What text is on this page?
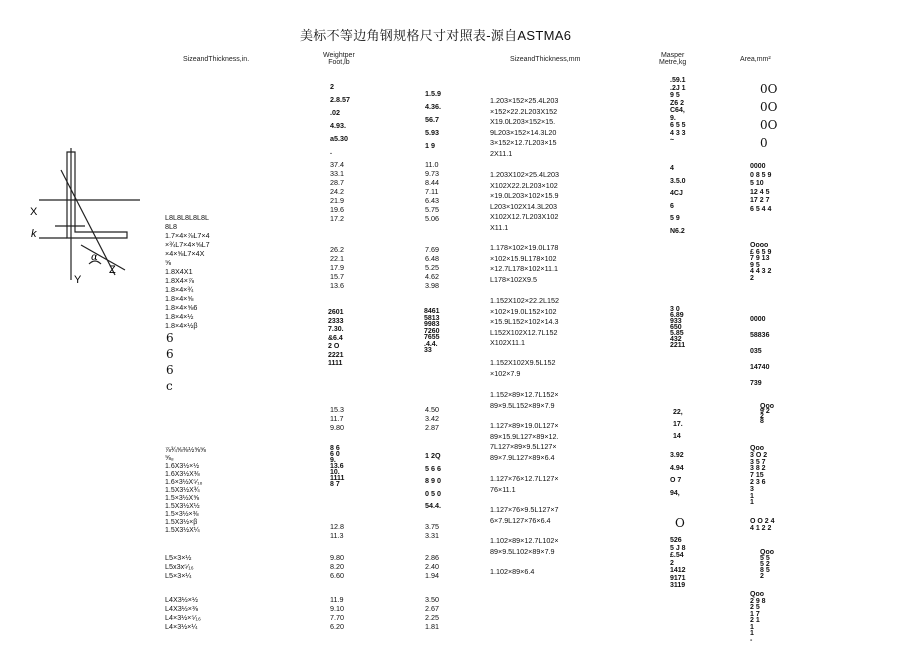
美标不等边角钢规格尺寸对照表-源自ASTMA6
SizeandThickness,in.
Weightper
Foot,lb	SizeandThickness,mm
Masper
Metre,kg	Area,mm²
X
k
α
Y
Z
L8L8L8L8L8L
8L8
1.7×4×⅞L7×4
×¾L7×4×⅝L7
×4×⅝L7×4X
⅝
1.8X4X1
1.8X4×⅞
1.8×4×¾
1.8×4×⅝
1.8×4×⅝6
1.8×4×½
1.8×4×½β
6
6
6
c
⅞¾⅝⅜½⅝⅝
⅝₈
1.6X3½×½
1.6X3½X⅜
1.6×3½X⁵⁄₁₆
1.5X3½X¾
1.5×3½X⅝
1.5X3½X½
1.5×3½×⅜
1.5X3½×β
1.5X3½X¼
L5×3×½
L5x3x⁵⁄₁₆
L5×3×¼
L4X3½×½
L4X3½×⅜
L4×3½×⁵⁄₁₆
L4×3½×¼
2
2.8.57
.02
4.93.
a5.30
.
37.4
33.1
28.7
24.2
21.9
19.6
17.2
26.2
22.1
17.9
15.7
13.6
2601
2333
7.30.
&6.4
2 O
2221
1111
15.3
11.7
9.80
8 6
6 0
9.
13.6
10.
1111
8 7
12.8
11.3
9.80
8.20
6.60
11.9
9.10
7.70
6.20
1.5.9
4.36.
56.7
5.93
1 9
11.0
9.73
8.44
7.11
6.43
5.75
5.06
7.69
6.48
5.25
4.62
3.98
8461
5813
9983
7260
7655
.4.4.
33
4.50
3.42
2.87
1 2Q
5 6 6
8 9 0
0 5 0
54.4.
3.75
3.31
2.86
2.40
1.94
3.50
2.67
2.25
1.81
1.203×152×25.4L203
×152×22.2L203X152
X19.0L203×152×15.
9L203×152×14.3L20
3×152×12.7L203×15
2X11.1
1.203X102×25.4L203
X102X22.2L203×102
×19.0L203×102×15.9
L203×102X14.3L203
X102X12.7L203X102
X11.1
1.178×102×19.0L178
×102×15.9L178×102
×12.7L178×102×11.1
L178×102X9.5
1.152X102×22.2L152
×102×19.0L152×102
×15.9L152×102×14.3
L152X102X12.7L152
X102X11.1
1.152X102X9.5L152
×102×7.9
1.152×89×12.7L152×
89×9.5L152×89×7.9
1.127×89×19.0L127×
89×15.9L127×89×12.
7L127×89×9.5L127×
89×7.9L127×89×6.4
1.127×76×12.7L127×
76×11.1
1.127×76×9.5L127×7
6×7.9L127×76×6.4
1.102×89×12.7L102×
89×9.5L102×89×7.9
1.102×89×6.4
.59.1
.2J 1
9 5
Z6 2
C64,
9.
6 5 5
4 3 3
~
4
3.5.0
4CJ
6
5 9
N6.2
3 0
6.89
933
650
5.85
432
2211
22,
17.
14
3.92
4.94
O 7
94,
O
526
5 J 8
£.54
2
1412
9171
3119
0O
0O
0O
0
0000
0 8 5 9
5 10
12 4 5
17 2 7
6 5 4 4
Oooo
£ 6 5 9
7 9 13
9 5
4 4 3 2
2
0000
58836
035
14740
739
Qoo
9 2
2
8
Qoo
3 O 2
3 5 7
3 8 2
7 15
2 3 6
3
1
1
O O 2 4
4 1 2 2
Qoo
5 5
5 2
8 5
2
Qoo
2 9 8
2 5
1 7
2 1
1
1
-
